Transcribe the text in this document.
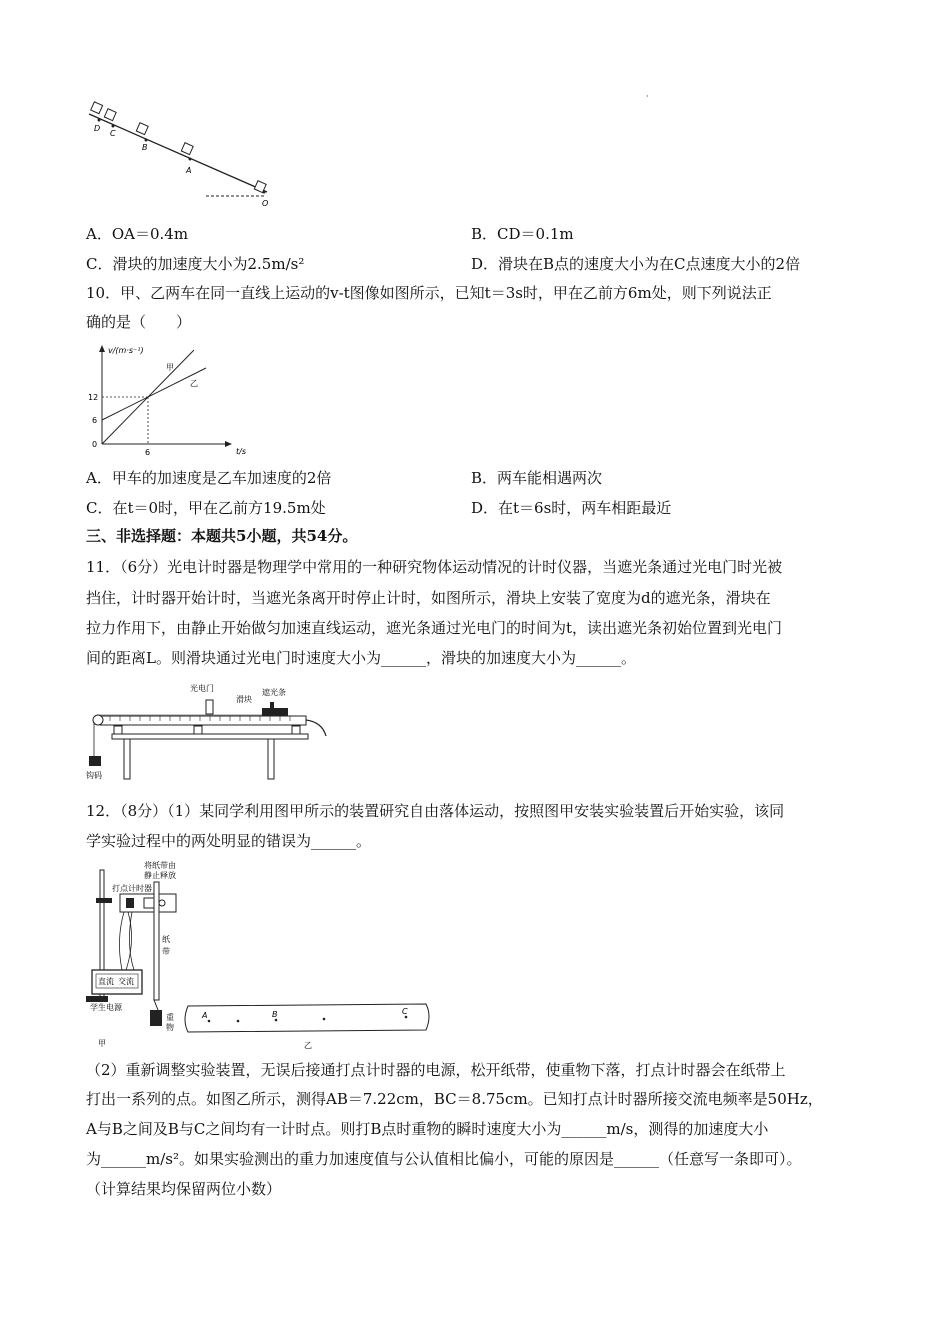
D
C
B
A
O
·
A．OA＝0.4m	B．CD＝0.1m
C．滑块的加速度大小为2.5m/s²	D．滑块在B点的速度大小为在C点速度大小的2倍
10．甲、乙两车在同一直线上运动的v-t图像如图所示，已知t＝3s时，甲在乙前方6m处，则下列说法正
确的是（　　）
v/(m·s⁻¹)
t/s
12
6
0
6
甲
乙
A．甲车的加速度是乙车加速度的2倍	B．两车能相遇两次
C．在t＝0时，甲在乙前方19.5m处	D．在t＝6s时，两车相距最近
三、非选择题：本题共5小题，共54分。
11．（6分）光电计时器是物理学中常用的一种研究物体运动情况的计时仪器，当遮光条通过光电门时光被
挡住，计时器开始计时，当遮光条离开时停止计时，如图所示，滑块上安装了宽度为d的遮光条，滑块在
拉力作用下，由静止开始做匀加速直线运动，遮光条通过光电门的时间为t，读出遮光条初始位置到光电门
间的距离L。则滑块通过光电门时速度大小为______，滑块的加速度大小为______。
光电门
滑块
遮光条
钩码
12．（8分）（1）某同学利用图甲所示的装置研究自由落体运动，按照图甲安装实验装置后开始实验，该同
学实验过程中的两处明显的错误为______。
将纸带由
静止释放
打点计时器
纸
带
直流 交流
学生电源
重
物
甲
A	B	C
乙
（2）重新调整实验装置，无误后接通打点计时器的电源，松开纸带，使重物下落，打点计时器会在纸带上
打出一系列的点。如图乙所示，测得AB＝7.22cm，BC＝8.75cm。已知打点计时器所接交流电频率是50Hz，
A与B之间及B与C之间均有一计时点。则打B点时重物的瞬时速度大小为______m/s，测得的加速度大小
为______m/s²。如果实验测出的重力加速度值与公认值相比偏小，可能的原因是______（任意写一条即可）。
（计算结果均保留两位小数）
